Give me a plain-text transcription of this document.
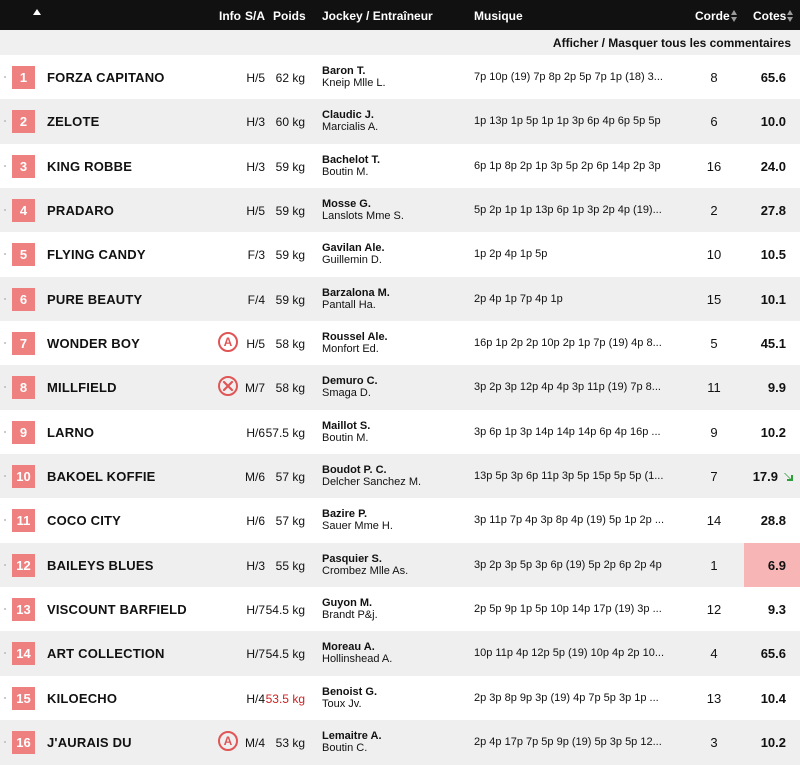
Info S/A Poids Jockey / Entraîneur	Musique	Corde	Cotes
Afficher / Masquer tous les commentaires
1	FORZA CAPITANO	H/5 62 kg Baron T.
Kneip Mlle L.	7p 10p (19) 7p 8p 2p 5p 7p 1p (18) 3...	8	65.6
2	ZELOTE	H/3 60 kg Claudic J.
Marcialis A.	1p 13p 1p 5p 1p 1p 3p 6p 4p 6p 5p 5p	6	10.0
3	KING ROBBE	H/3 59 kg Bachelot T.
Boutin M.	6p 1p 8p 2p 1p 3p 5p 2p 6p 14p 2p 3p	16	24.0
4	PRADARO	H/5 59 kg Mosse G.
Lanslots Mme S.	5p 2p 1p 1p 13p 6p 1p 3p 2p 4p (19)...	2	27.8
5	FLYING CANDY	F/3 59 kg Gavilan Ale.
Guillemin D.	1p 2p 4p 1p 5p	10	10.5
6	PURE BEAUTY	F/4 59 kg Barzalona M.
Pantall Ha.	2p 4p 1p 7p 4p 1p	15	10.1
7	WONDER BOY	A	H/5 58 kg Roussel Ale.
Monfort Ed.	16p 1p 2p 2p 10p 2p 1p 7p (19) 4p 8...	5	45.1
8	MILLFIELD	M/7 58 kg Demuro C.
Smaga D.	3p 2p 3p 12p 4p 4p 3p 11p (19) 7p 8...	11	9.9
9	LARNO	H/6 57.5 kg Maillot S.
Boutin M.	3p 6p 1p 3p 14p 14p 14p 6p 4p 16p ...	9	10.2
10	BAKOEL KOFFIE	M/6 57 kg Boudot P. C.
Delcher Sanchez M.	13p 5p 3p 6p 11p 3p 5p 15p 5p 5p (1...	7	17.9
11	COCO CITY	H/6 57 kg Bazire P.
Sauer Mme H.	3p 11p 7p 4p 3p 8p 4p (19) 5p 1p 2p ...	14	28.8
12	BAILEYS BLUES	H/3 55 kg Pasquier S.
Crombez Mlle As.	3p 2p 3p 5p 3p 6p (19) 5p 2p 6p 2p 4p	1	6.9
13	VISCOUNT BARFIELD	H/7 54.5 kg Guyon M.
Brandt P&j.	2p 5p 9p 1p 5p 10p 14p 17p (19) 3p ...	12	9.3
14	ART COLLECTION	H/7 54.5 kg Moreau A.
Hollinshead A.	10p 11p 4p 12p 5p (19) 10p 4p 2p 10...	4	65.6
15	KILOECHO	H/4 53.5 kg Benoist G.
Toux Jv.	2p 3p 8p 9p 3p (19) 4p 7p 5p 3p 1p ...	13	10.4
16	J'AURAIS DU	A	M/4 53 kg Lemaitre A.
Boutin C.	2p 4p 17p 7p 5p 9p (19) 5p 3p 5p 12...	3	10.2
